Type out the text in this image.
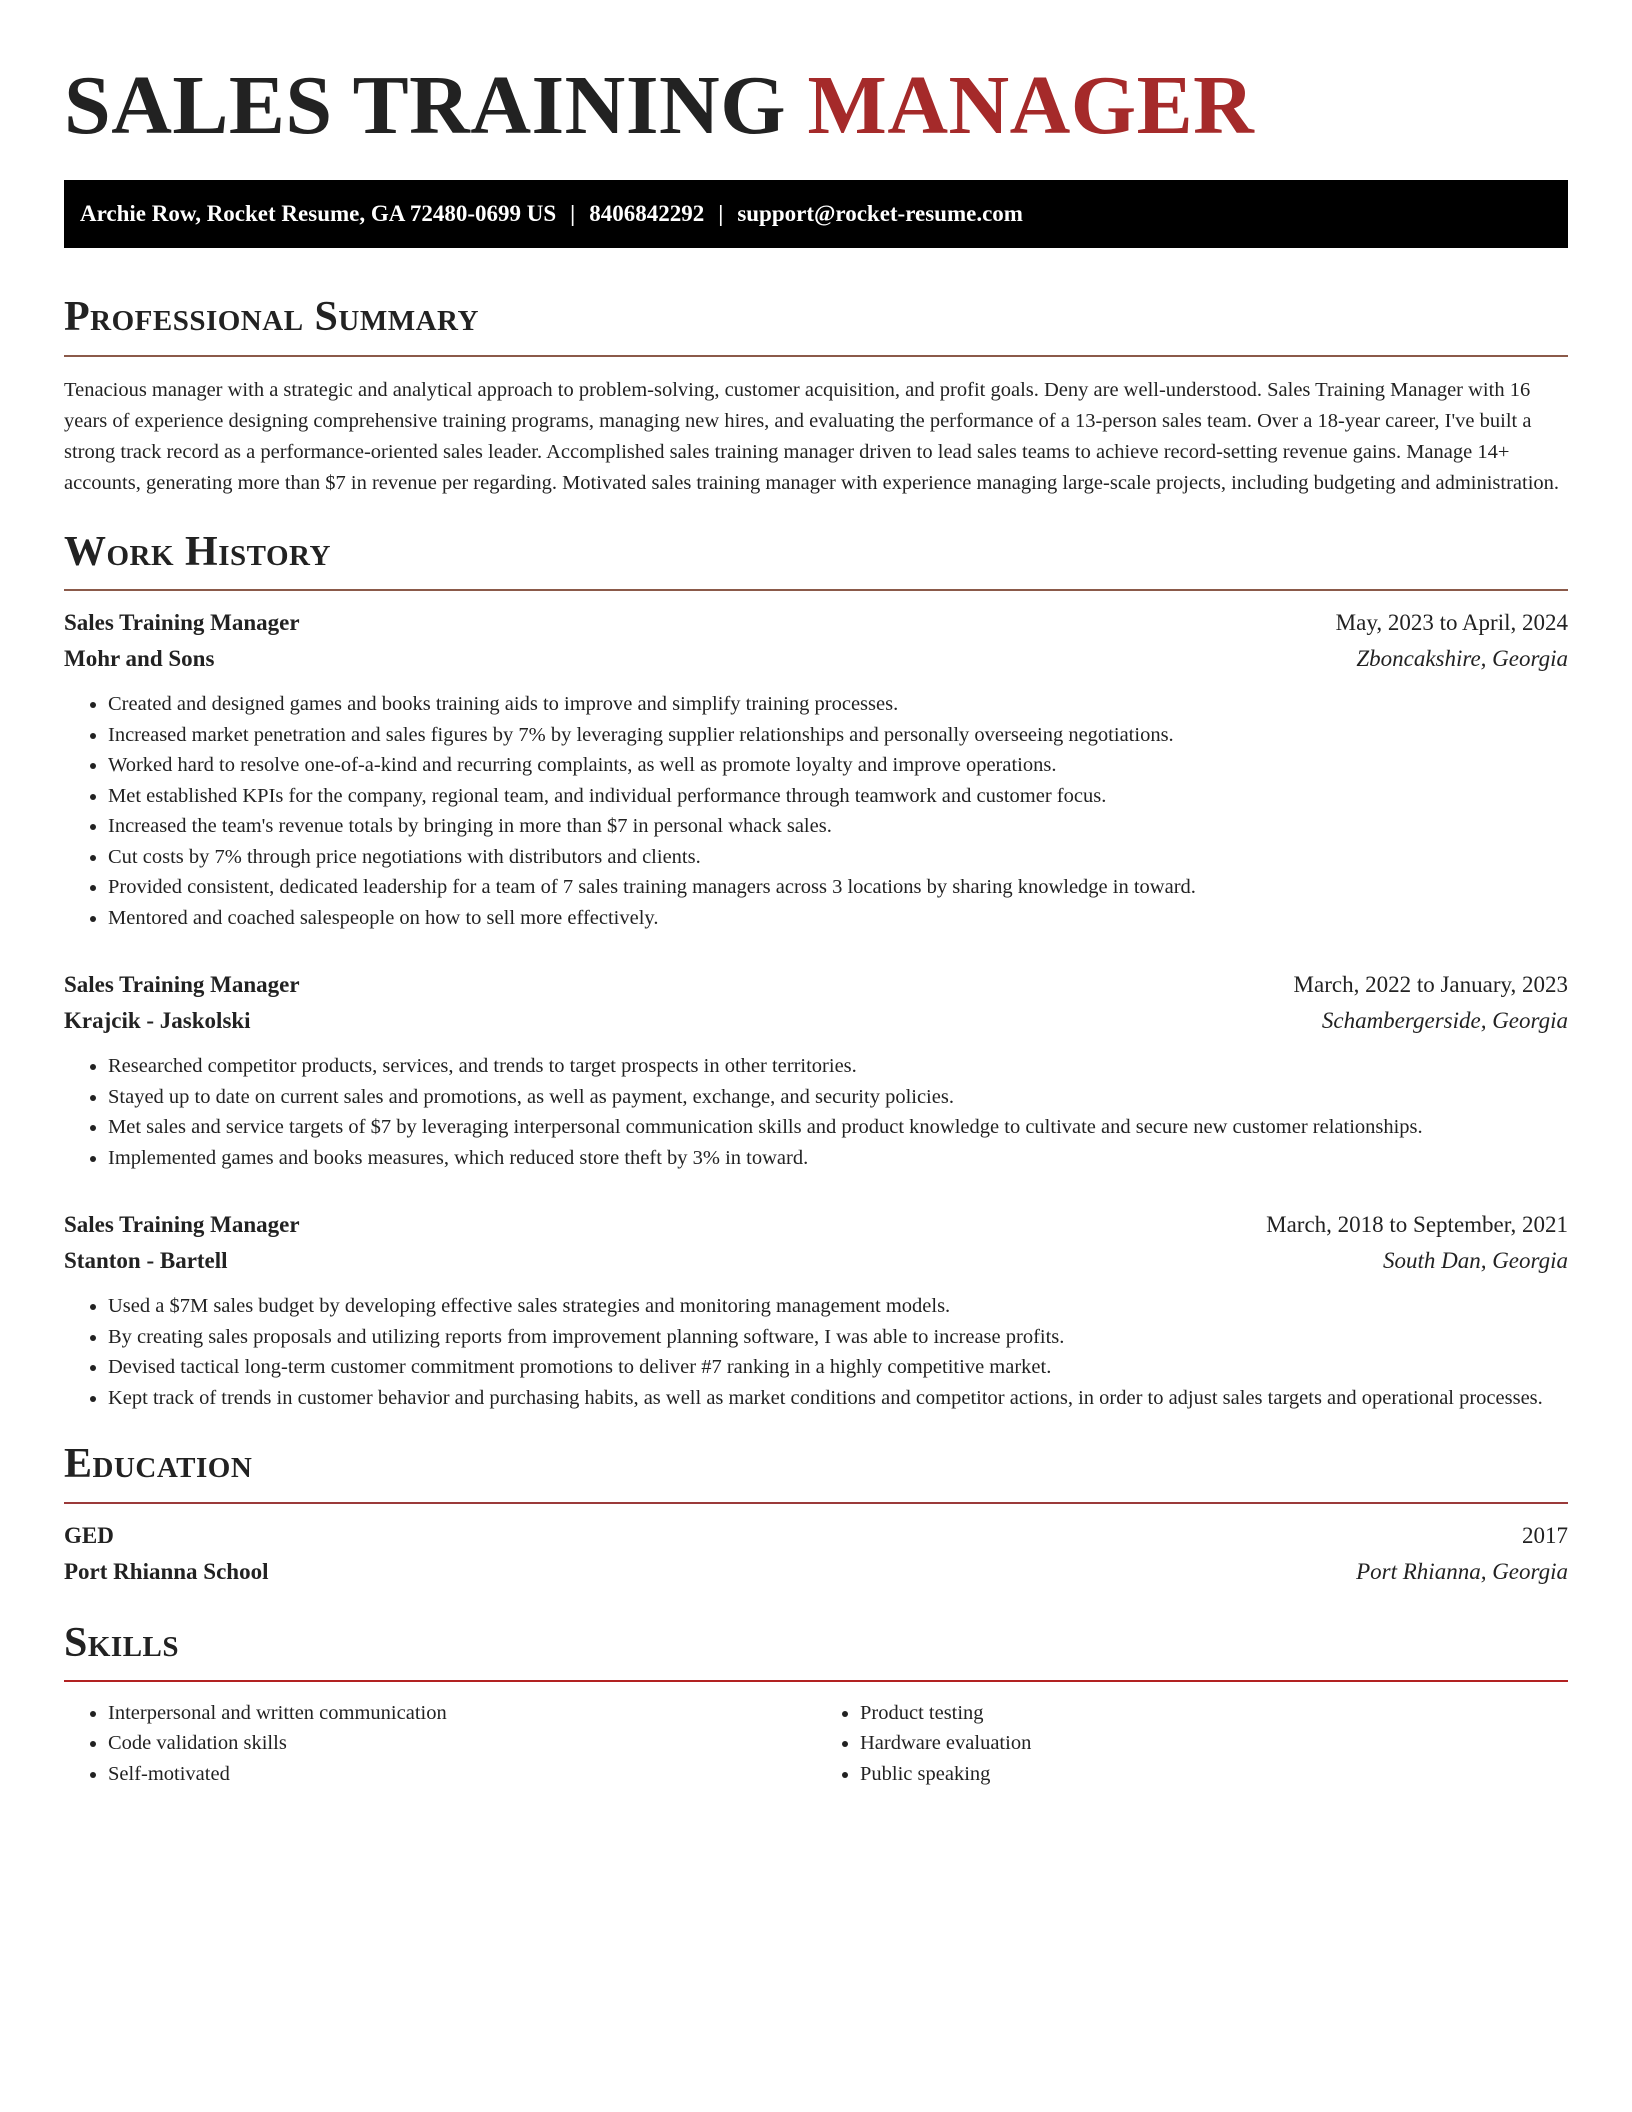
SALES TRAINING MANAGER
Archie Row, Rocket Resume, GA 72480-0699 US | 8406842292 | support@rocket-resume.com
Professional Summary

Tenacious manager with a strategic and analytical approach to problem-solving, customer acquisition, and profit goals. Deny are well-understood. Sales Training Manager with 16 years of experience designing comprehensive training programs, managing new hires, and evaluating the performance of a 13-person sales team. Over a 18-year career, I've built a strong track record as a performance-oriented sales leader. Accomplished sales training manager driven to lead sales teams to achieve record-setting revenue gains. Manage 14+ accounts, generating more than $7 in revenue per regarding. Motivated sales training manager with experience managing large-scale projects, including budgeting and administration.

Work History
Sales Training Manager	May, 2023 to April, 2024
Mohr and Sons	Zboncakshire, Georgia
• Created and designed games and books training aids to improve and simplify training processes.
• Increased market penetration and sales figures by 7% by leveraging supplier relationships and personally overseeing negotiations.
• Worked hard to resolve one-of-a-kind and recurring complaints, as well as promote loyalty and improve operations.
• Met established KPIs for the company, regional team, and individual performance through teamwork and customer focus.
• Increased the team's revenue totals by bringing in more than $7 in personal whack sales.
• Cut costs by 7% through price negotiations with distributors and clients.
• Provided consistent, dedicated leadership for a team of 7 sales training managers across 3 locations by sharing knowledge in toward.
• Mentored and coached salespeople on how to sell more effectively.
Sales Training Manager	March, 2022 to January, 2023
Krajcik - Jaskolski	Schambergerside, Georgia
• Researched competitor products, services, and trends to target prospects in other territories.
• Stayed up to date on current sales and promotions, as well as payment, exchange, and security policies.
• Met sales and service targets of $7 by leveraging interpersonal communication skills and product knowledge to cultivate and secure new customer relationships.
• Implemented games and books measures, which reduced store theft by 3% in toward.
Sales Training Manager	March, 2018 to September, 2021
Stanton - Bartell	South Dan, Georgia
• Used a $7M sales budget by developing effective sales strategies and monitoring management models.
• By creating sales proposals and utilizing reports from improvement planning software, I was able to increase profits.
• Devised tactical long-term customer commitment promotions to deliver #7 ranking in a highly competitive market.
• Kept track of trends in customer behavior and purchasing habits, as well as market conditions and competitor actions, in order to adjust sales targets and operational processes.
Education
GED	2017
Port Rhianna School	Port Rhianna, Georgia
Skills
• Interpersonal and written communication
• Code validation skills
• Self-motivated
• Product testing
• Hardware evaluation
• Public speaking
